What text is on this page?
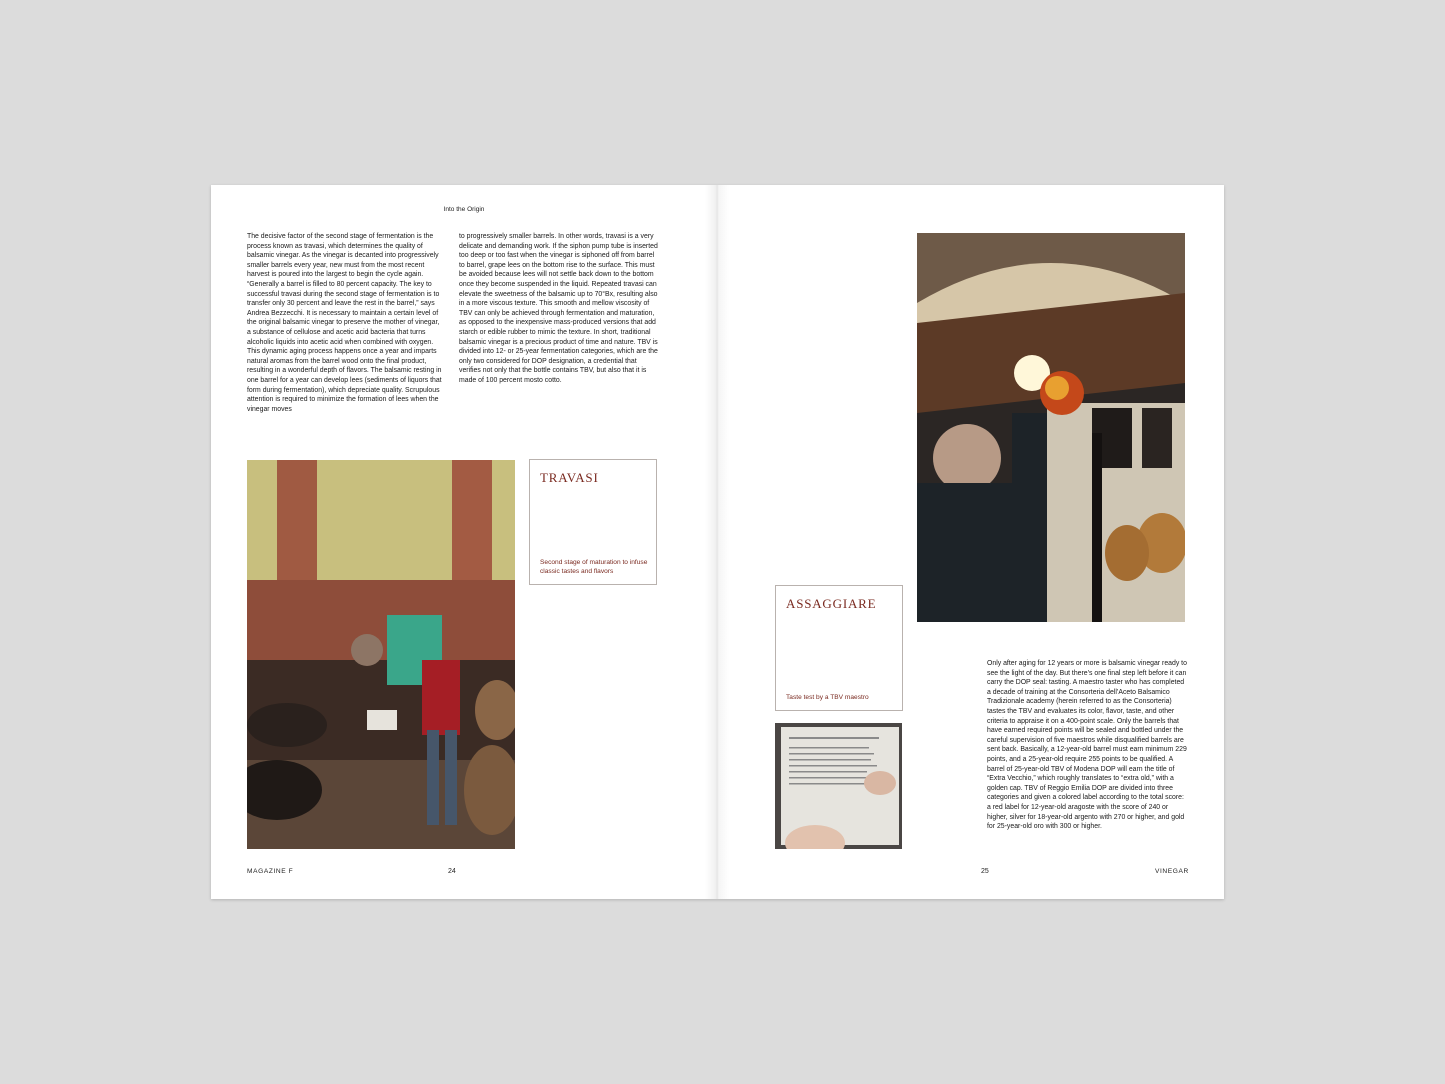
Into the Origin

The decisive factor of the second stage of fermentation is the process known as travasi, which determines the quality of balsamic vinegar. As the vinegar is decanted into progressively smaller barrels every year, new must from the most recent harvest is poured into the largest to begin the cycle again. “Generally a barrel is filled to 80 percent capacity. The key to successful travasi during the second stage of fermentation is to transfer only 30 percent and leave the rest in the barrel,” says Andrea Bezzecchi. It is necessary to maintain a certain level of the original balsamic vinegar to preserve the mother of vinegar, a substance of cellulose and acetic acid bacteria that turns alcoholic liquids into acetic acid when combined with oxygen. This dynamic aging process happens once a year and imparts natural aromas from the barrel wood onto the final product, resulting in a wonderful depth of flavors. The balsamic resting in one barrel for a year can develop lees (sediments of liquors that form during fermentation), which depreciate quality. Scrupulous attention is required to minimize the formation of lees when the vinegar moves

to progressively smaller barrels. In other words, travasi is a very delicate and demanding work. If the siphon pump tube is inserted too deep or too fast when the vinegar is siphoned off from barrel to barrel, grape lees on the bottom rise to the surface. This must be avoided because lees will not settle back down to the bottom once they become suspended in the liquid. Repeated travasi can elevate the sweetness of the balsamic up to 70°Bx, resulting also in a more viscous texture. This smooth and mellow viscosity of TBV can only be achieved through fermentation and maturation, as opposed to the inexpensive mass-produced versions that add starch or edible rubber to mimic the texture. In short, traditional balsamic vinegar is a precious product of time and nature. TBV is divided into 12- or 25-year fermentation categories, which are the only two considered for DOP designation, a credential that verifies not only that the bottle contains TBV, but also that it is made of 100 percent mosto cotto.

TRAVASI
Second stage of maturation to infuse classic tastes and flavors
MAGAZINE F	24
ASSAGGIARE
Taste test by a TBV maestro

Only after aging for 12 years or more is balsamic vinegar ready to see the light of the day. But there’s one final step left before it can carry the DOP seal: tasting. A maestro taster who has completed a decade of training at the Consorteria dell’Aceto Balsamico Tradizionale academy (herein referred to as the Consorteria) tastes the TBV and evaluates its color, flavor, taste, and other criteria to appraise it on a 400-point scale. Only the barrels that have earned required points will be sealed and bottled under the careful supervision of five maestros while disqualified barrels are sent back. Basically, a 12-year-old barrel must earn minimum 229 points, and a 25-year-old require 255 points to be qualified. A barrel of 25-year-old TBV of Modena DOP will earn the title of “Extra Vecchio,” which roughly translates to “extra old,” with a golden cap. TBV of Reggio Emilia DOP are divided into three categories and given a colored label according to the total score: a red label for 12-year-old aragoste with the score of 240 or higher, silver for 18-year-old argento with 270 or higher, and gold for 25-year-old oro with 300 or higher.

25	VINEGAR
